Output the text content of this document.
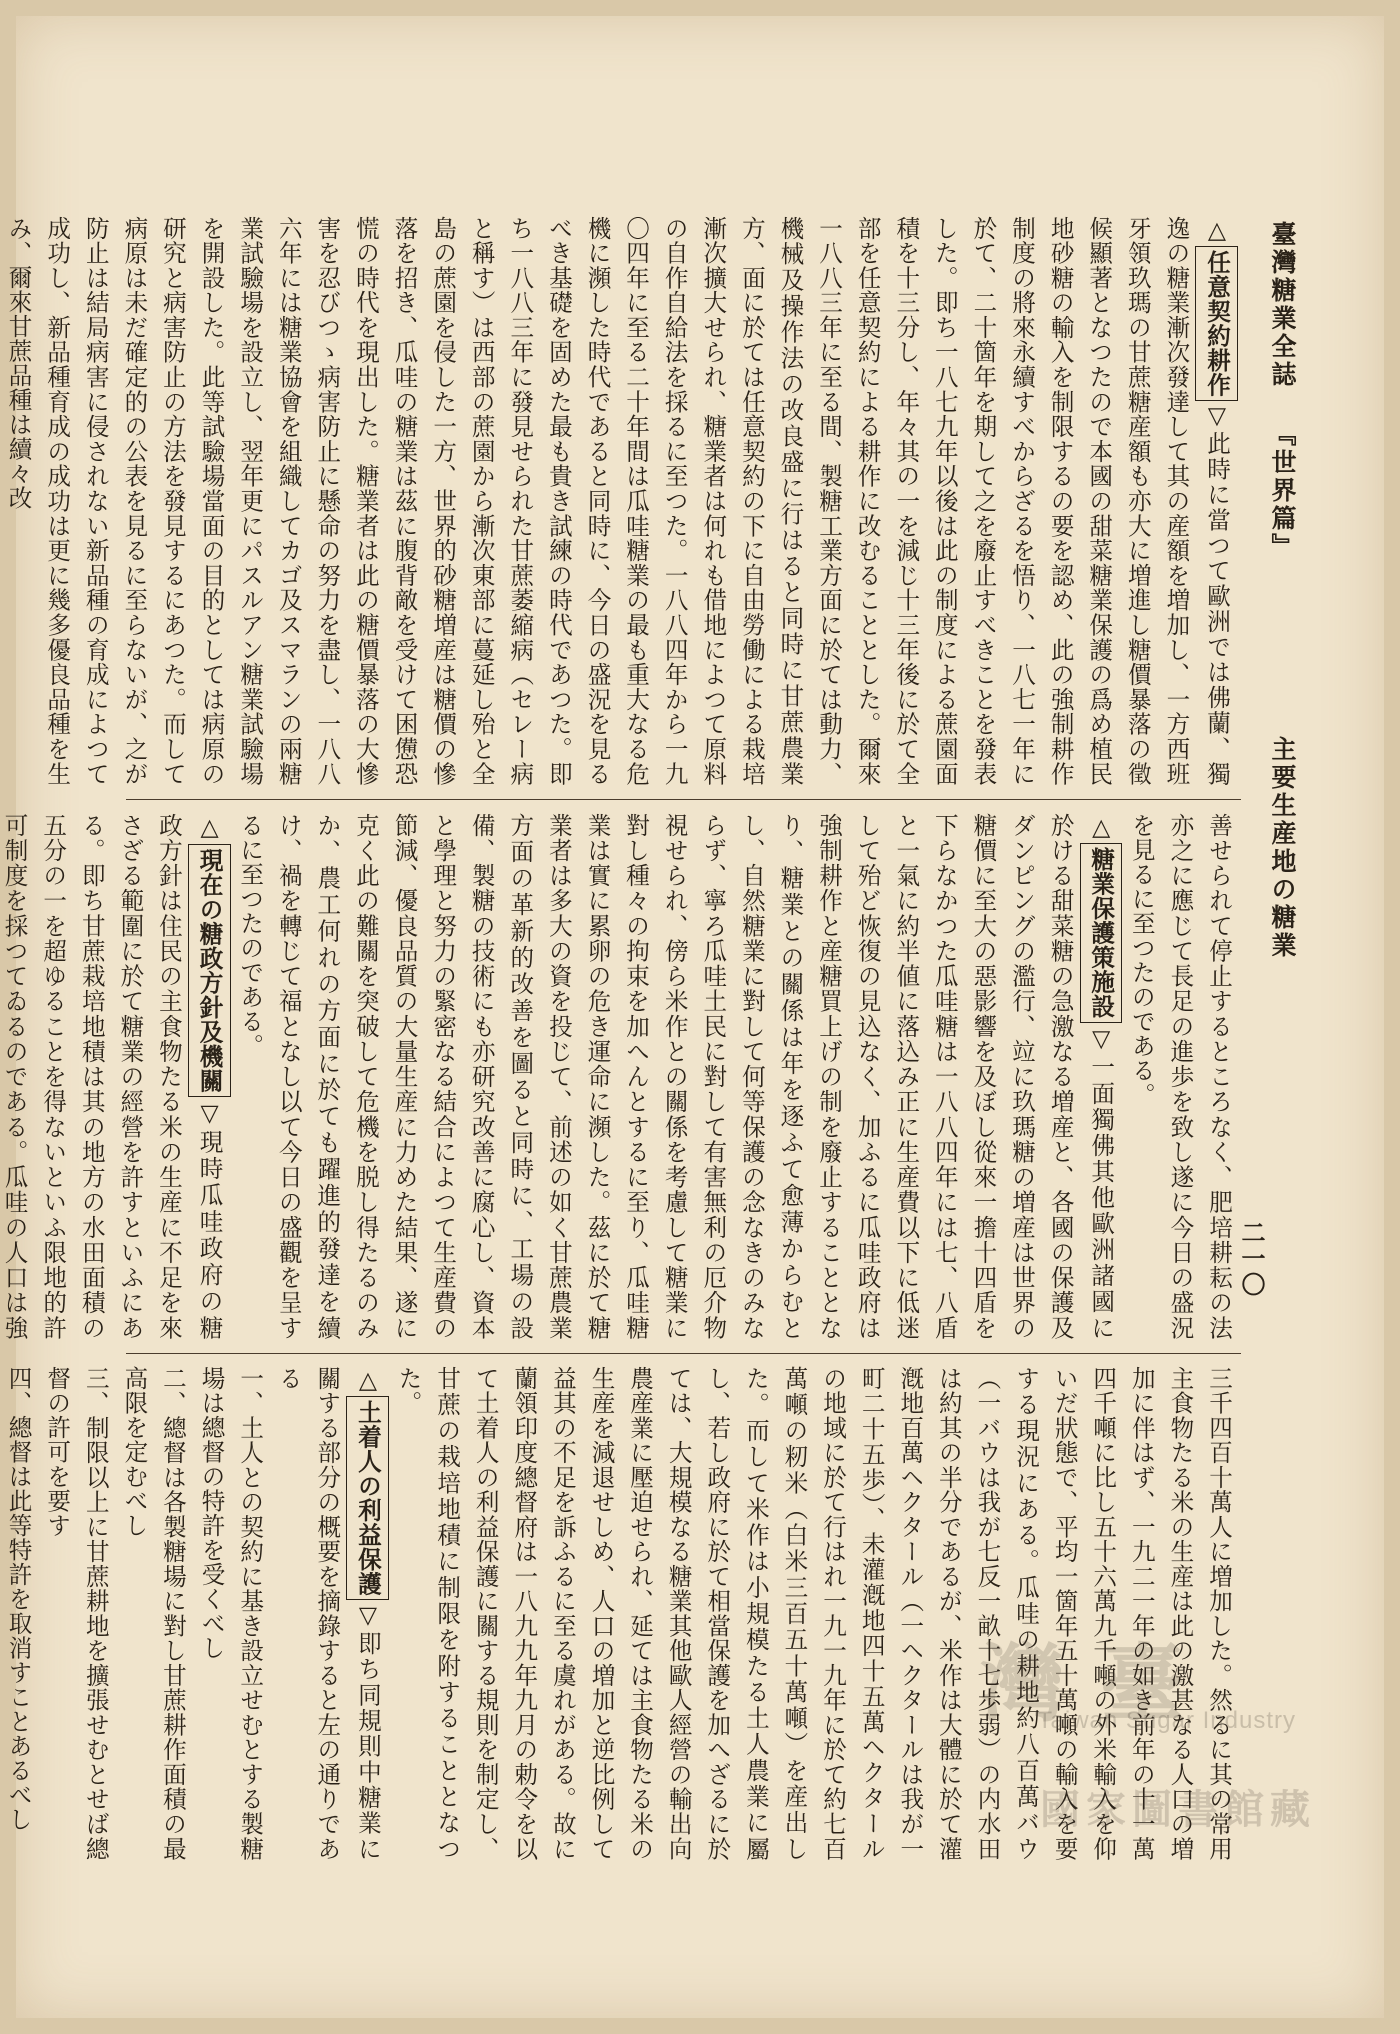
臺灣糖業全誌 『世界篇』
主要生産地の糖業
二一〇

△任意契約耕作▽此時に當つて歐洲では佛蘭、獨逸の糖業漸次發達して其の産額を増加し、一方西班牙領玖瑪の甘蔗糖産額も亦大に増進し糖價暴落の徵候顯著となつたので本國の甜菜糖業保護の爲め植民地砂糖の輸入を制限するの要を認め、此の強制耕作制度の將來永續すべからざるを悟り、一八七一年に於て、二十箇年を期して之を廢止すべきことを發表した。即ち一八七九年以後は此の制度による蔗園面積を十三分し、年々其の一を減じ十三年後に於て全部を任意契約による耕作に改むることとした。爾來一八八三年に至る間、製糖工業方面に於ては動力、機械及操作法の改良盛に行はると同時に甘蔗農業方、面に於ては任意契約の下に自由勞働による栽培漸次擴大せられ、糖業者は何れも借地によつて原料の自作自給法を採るに至つた。一八八四年から一九〇四年に至る二十年間は瓜哇糖業の最も重大なる危機に瀕した時代であると同時に、今日の盛況を見るべき基礎を固めた最も貴き試練の時代であつた。即ち一八八三年に發見せられた甘蔗萎縮病（セレー病と稱す）は西部の蔗園から漸次東部に蔓延し殆と全島の蔗園を侵した一方、世界的砂糖増産は糖價の慘落を招き、瓜哇の糖業は茲に腹背敵を受けて困憊恐慌の時代を現出した。糖業者は此の糖價暴落の大慘害を忍びつゝ病害防止に懸命の努力を盡し、一八八六年には糖業協會を組織してカゴ及スマランの兩糖業試驗場を設立し、翌年更にパスルアン糖業試驗場を開設した。此等試驗場當面の目的としては病原の研究と病害防止の方法を發見するにあつた。而して病原は未だ確定的の公表を見るに至らないが、之が防止は結局病害に侵されない新品種の育成によつて成功し、新品種育成の成功は更に幾多優良品種を生み、爾來甘蔗品種は續々改

善せられて停止するところなく、肥培耕耘の法亦之に應じて長足の進歩を致し遂に今日の盛況を見るに至つたのである。

△糖業保護策施設▽一面獨佛其他歐洲諸國に於ける甜菜糖の急激なる増産と、各國の保護及ダンピングの濫行、竝に玖瑪糖の増産は世界の糖價に至大の惡影響を及ぼし從來一擔十四盾を下らなかつた瓜哇糖は一八八四年には七、八盾と一氣に約半値に落込み正に生産費以下に低迷して殆ど恢復の見込なく、加ふるに瓜哇政府は強制耕作と産糖買上げの制を廢止することとなり、糖業との關係は年を逐ふて愈薄からむとし、自然糖業に對して何等保護の念なきのみならず、寧ろ瓜哇土民に對して有害無利の厄介物視せられ、傍ら米作との關係を考慮して糖業に對し種々の拘束を加へんとするに至り、瓜哇糖業は實に累卵の危き運命に瀕した。茲に於て糖業者は多大の資を投じて、前述の如く甘蔗農業方面の革新的改善を圖ると同時に、工場の設備、製糖の技術にも亦研究改善に腐心し、資本と學理と努力の緊密なる結合によつて生産費の節減、優良品質の大量生産に力めた結果、遂に克く此の難關を突破して危機を脱し得たるのみか、農工何れの方面に於ても躍進的發達を續け、禍を轉じて福となし以て今日の盛觀を呈するに至つたのである。

△現在の糖政方針及機關▽現時瓜哇政府の糖政方針は住民の主食物たる米の生産に不足を來さざる範圍に於て糖業の經營を許すといふにある。即ち甘蔗栽培地積は其の地方の水田面積の五分の一を超ゆることを得ないといふ限地的許可制度を採つてゐるのである。瓜哇の人口は強

三千四百十萬人に増加した。然るに其の常用主食物たる米の生産は此の激甚なる人口の増加に伴はず、一九二一年の如き前年の十一萬四千噸に比し五十六萬九千噸の外米輸入を仰いだ狀態で、平均一箇年五十萬噸の輸入を要する現況にある。瓜哇の耕地約八百萬バウ（一バウは我が七反一畝十七歩弱）の内水田は約其の半分であるが、米作は大體に於て灌漑地百萬ヘクタール（一ヘクタールは我が一町二十五歩）、未灌漑地四十五萬ヘクタールの地域に於て行はれ一九一九年に於て約七百萬噸の籾米（白米三百五十萬噸）を産出した。而して米作は小規模たる土人農業に屬し、若し政府に於て相當保護を加へざるに於ては、大規模なる糖業其他歐人經營の輸出向農産業に壓迫せられ、延ては主食物たる米の生産を減退せしめ、人口の増加と逆比例して益其の不足を訴ふるに至る虞れがある。故に蘭領印度總督府は一八九九年九月の勅令を以て土着人の利益保護に關する規則を制定し、甘蔗の栽培地積に制限を附することとなつた。

△土着人の利益保護▽即ち同規則中糖業に關する部分の概要を摘錄すると左の通りである

一、土人との契約に基き設立せむとする製糖場は總督の特許を受くべし

二、總督は各製糖場に對し甘蔗耕作面積の最高限を定むべし

三、制限以上に甘蔗耕地を擴張せむとせば總督の許可を要す

四、總督は此等特許を取消すことあるべし	臺灣
Taiwan Sugar Industry
國家圖書館藏
